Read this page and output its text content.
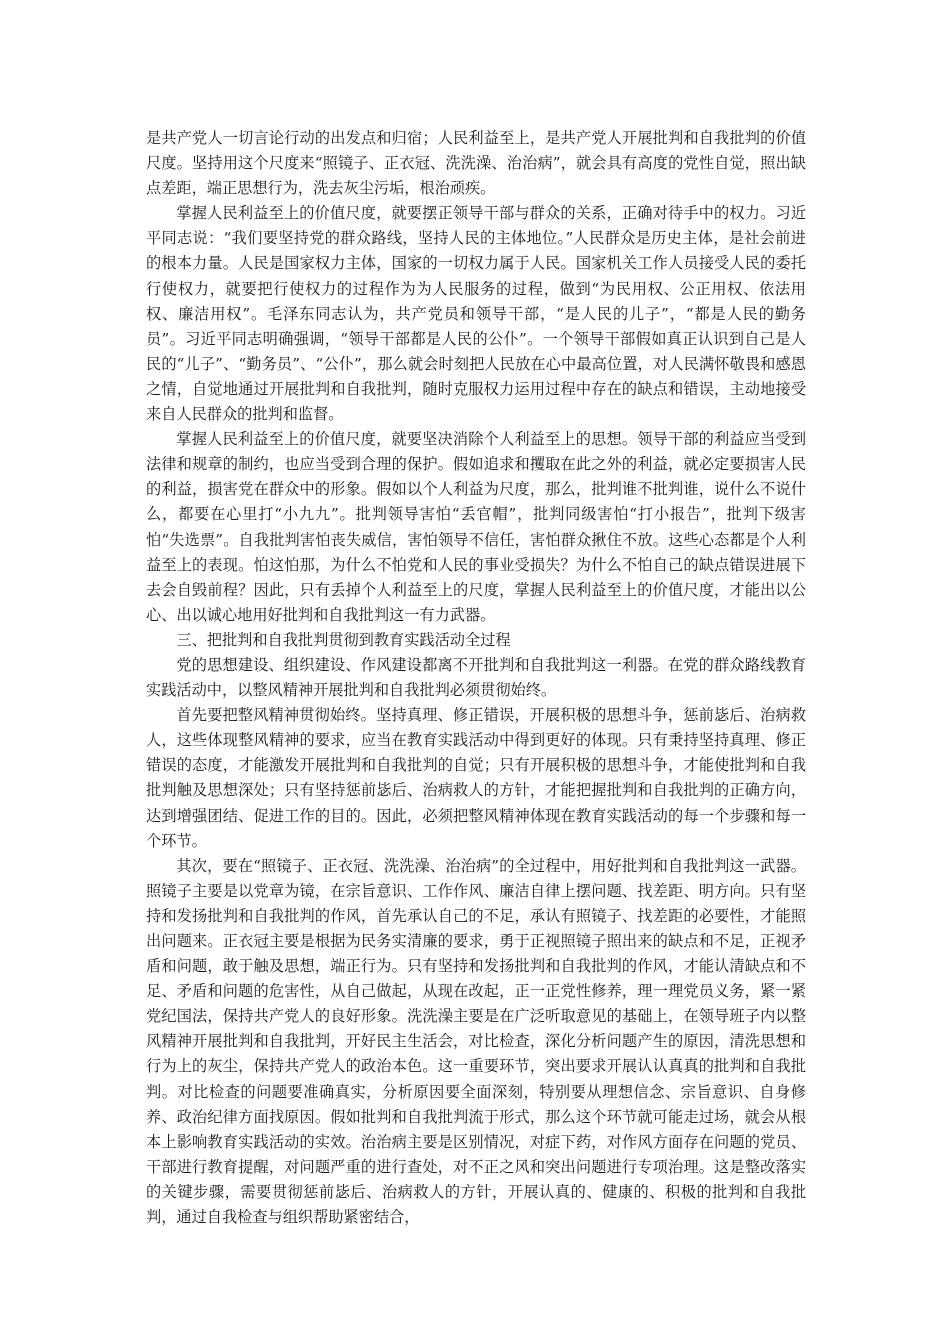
是共产党人一切言论行动的出发点和归宿；人民利益至上，是共产党人开展批判和自我批判的价值尺度。坚持用这个尺度来“照镜子、正衣冠、洗洗澡、治治病”，就会具有高度的党性自觉，照出缺点差距，端正思想行为，洗去灰尘污垢，根治顽疾。

掌握人民利益至上的价值尺度，就要摆正领导干部与群众的关系，正确对待手中的权力。习近平同志说：“我们要坚持党的群众路线，坚持人民的主体地位。”人民群众是历史主体，是社会前进的根本力量。人民是国家权力主体，国家的一切权力属于人民。国家机关工作人员接受人民的委托行使权力，就要把行使权力的过程作为为人民服务的过程，做到“为民用权、公正用权、依法用权、廉洁用权”。毛泽东同志认为，共产党员和领导干部，“是人民的儿子”，“都是人民的勤务员”。习近平同志明确强调，“领导干部都是人民的公仆”。一个领导干部假如真正认识到自己是人民的“儿子”、“勤务员”、“公仆”，那么就会时刻把人民放在心中最高位置，对人民满怀敬畏和感恩之情，自觉地通过开展批判和自我批判，随时克服权力运用过程中存在的缺点和错误，主动地接受来自人民群众的批判和监督。

掌握人民利益至上的价值尺度，就要坚决消除个人利益至上的思想。领导干部的利益应当受到法律和规章的制约，也应当受到合理的保护。假如追求和攫取在此之外的利益，就必定要损害人民的利益，损害党在群众中的形象。假如以个人利益为尺度，那么，批判谁不批判谁，说什么不说什么，都要在心里打“小九九”。批判领导害怕“丢官帽”，批判同级害怕“打小报告”，批判下级害怕“失选票”。自我批判害怕丧失威信，害怕领导不信任，害怕群众揪住不放。这些心态都是个人利益至上的表现。怕这怕那，为什么不怕党和人民的事业受损失？为什么不怕自己的缺点错误进展下去会自毁前程？因此，只有丢掉个人利益至上的尺度，掌握人民利益至上的价值尺度，才能出以公心、出以诚心地用好批判和自我批判这一有力武器。

三、把批判和自我批判贯彻到教育实践活动全过程

党的思想建设、组织建设、作风建设都离不开批判和自我批判这一利器。在党的群众路线教育实践活动中，以整风精神开展批判和自我批判必须贯彻始终。

首先要把整风精神贯彻始终。坚持真理、修正错误，开展积极的思想斗争，惩前毖后、治病救人，这些体现整风精神的要求，应当在教育实践活动中得到更好的体现。只有秉持坚持真理、修正错误的态度，才能激发开展批判和自我批判的自觉；只有开展积极的思想斗争，才能使批判和自我批判触及思想深处；只有坚持惩前毖后、治病救人的方针，才能把握批判和自我批判的正确方向，达到增强团结、促进工作的目的。因此，必须把整风精神体现在教育实践活动的每一个步骤和每一个环节。

其次，要在“照镜子、正衣冠、洗洗澡、治治病”的全过程中，用好批判和自我批判这一武器。照镜子主要是以党章为镜，在宗旨意识、工作作风、廉洁自律上摆问题、找差距、明方向。只有坚持和发扬批判和自我批判的作风，首先承认自己的不足，承认有照镜子、找差距的必要性，才能照出问题来。正衣冠主要是根据为民务实清廉的要求，勇于正视照镜子照出来的缺点和不足，正视矛盾和问题，敢于触及思想，端正行为。只有坚持和发扬批判和自我批判的作风，才能认清缺点和不足、矛盾和问题的危害性，从自己做起，从现在改起，正一正党性修养，理一理党员义务，紧一紧党纪国法，保持共产党人的良好形象。洗洗澡主要是在广泛听取意见的基础上，在领导班子内以整风精神开展批判和自我批判，开好民主生活会，对比检查，深化分析问题产生的原因，清洗思想和行为上的灰尘，保持共产党人的政治本色。这一重要环节，突出要求开展认认真真的批判和自我批判。对比检查的问题要准确真实，分析原因要全面深刻，特别要从理想信念、宗旨意识、自身修养、政治纪律方面找原因。假如批判和自我批判流于形式，那么这个环节就可能走过场，就会从根本上影响教育实践活动的实效。治治病主要是区别情况，对症下药，对作风方面存在问题的党员、干部进行教育提醒，对问题严重的进行查处，对不正之风和突出问题进行专项治理。这是整改落实的关键步骤，需要贯彻惩前毖后、治病救人的方针，开展认真的、健康的、积极的批判和自我批判，通过自我检查与组织帮助紧密结合，
